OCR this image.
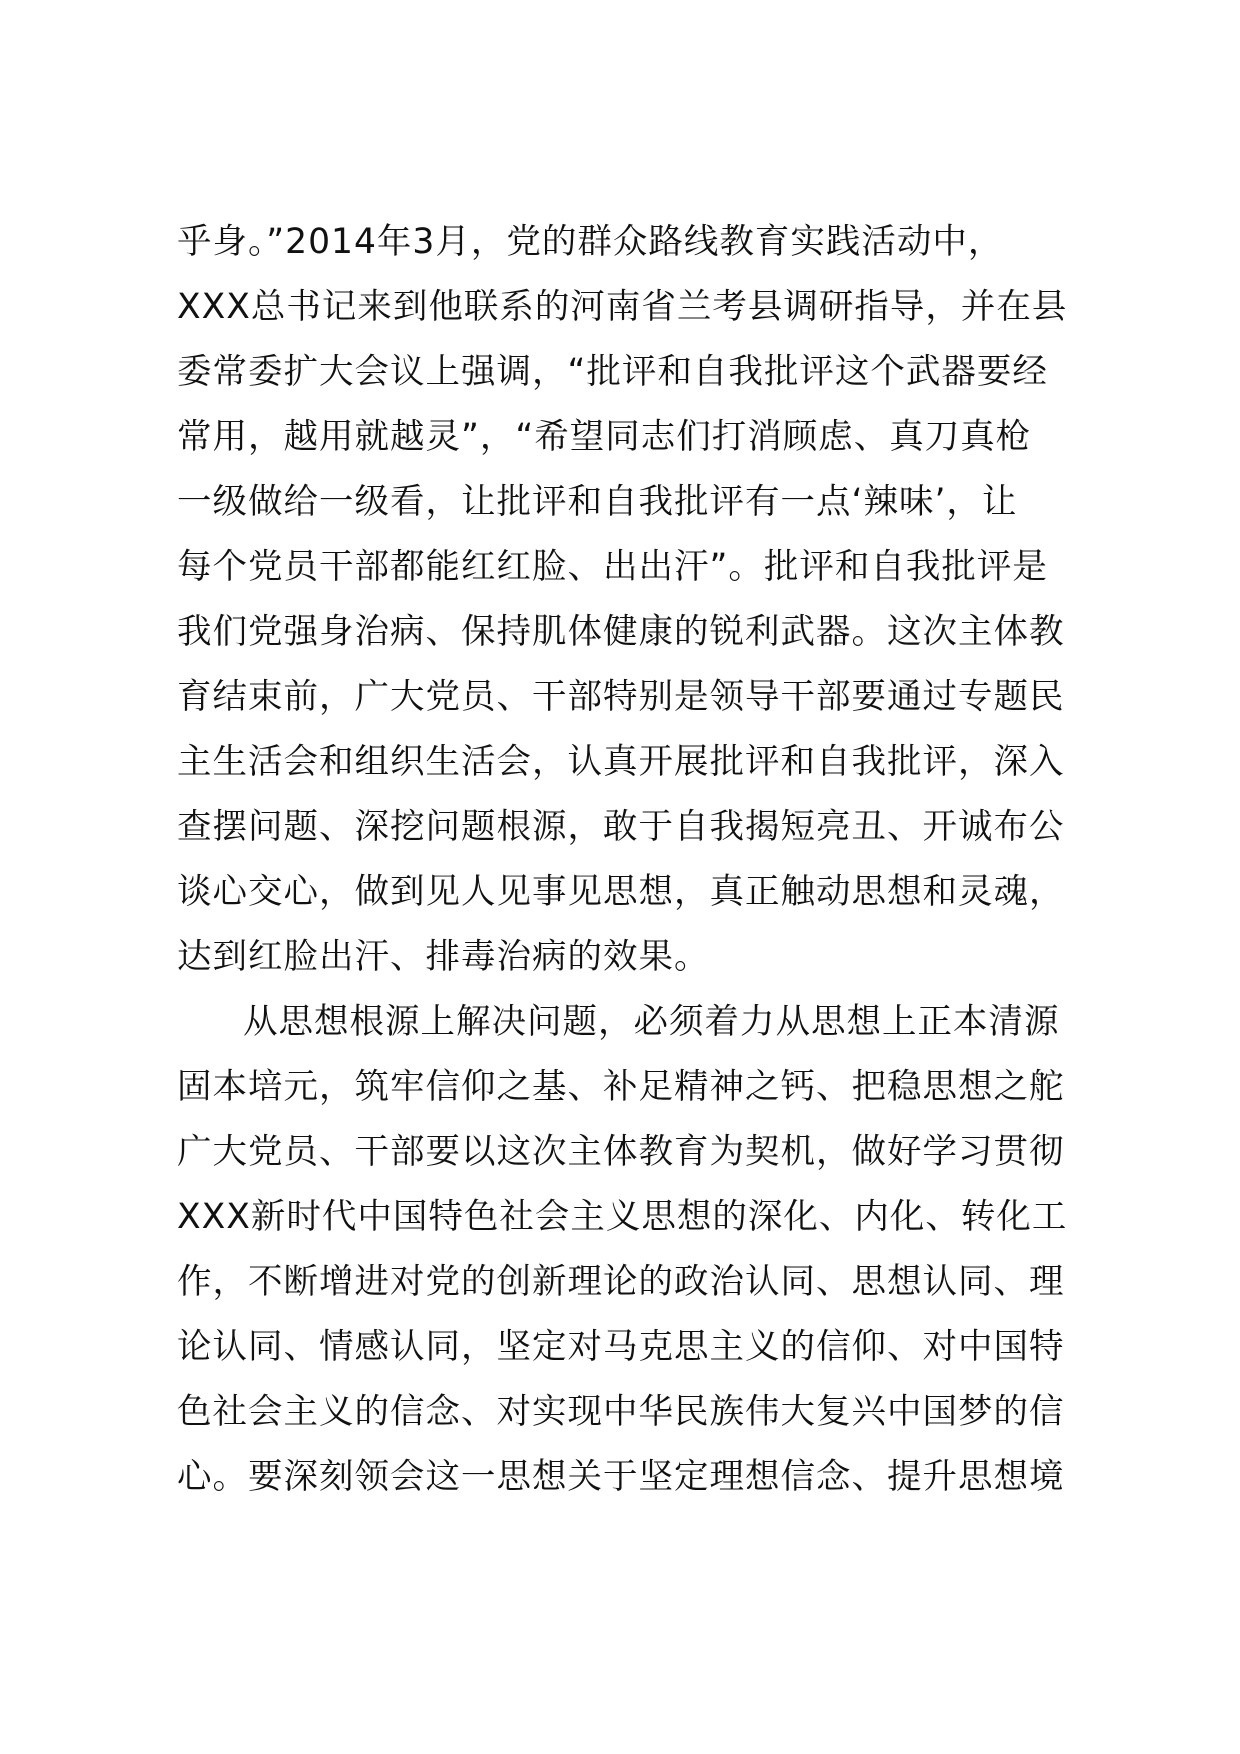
乎身。”2014年3月，党的群众路线教育实践活动中，
XXX总书记来到他联系的河南省兰考县调研指导，并在县
委常委扩大会议上强调，“批评和自我批评这个武器要经
常用，越用就越灵”，“希望同志们打消顾虑、真刀真枪
一级做给一级看，让批评和自我批评有一点‘辣味’，让
每个党员干部都能红红脸、出出汗”。批评和自我批评是
我们党强身治病、保持肌体健康的锐利武器。这次主体教
育结束前，广大党员、干部特别是领导干部要通过专题民
主生活会和组织生活会，认真开展批评和自我批评，深入
查摆问题、深挖问题根源，敢于自我揭短亮丑、开诚布公
谈心交心，做到见人见事见思想，真正触动思想和灵魂，
达到红脸出汗、排毒治病的效果。
从思想根源上解决问题，必须着力从思想上正本清源
固本培元，筑牢信仰之基、补足精神之钙、把稳思想之舵
广大党员、干部要以这次主体教育为契机，做好学习贯彻
XXX新时代中国特色社会主义思想的深化、内化、转化工
作，不断增进对党的创新理论的政治认同、思想认同、理
论认同、情感认同，坚定对马克思主义的信仰、对中国特
色社会主义的信念、对实现中华民族伟大复兴中国梦的信
心。要深刻领会这一思想关于坚定理想信念、提升思想境
